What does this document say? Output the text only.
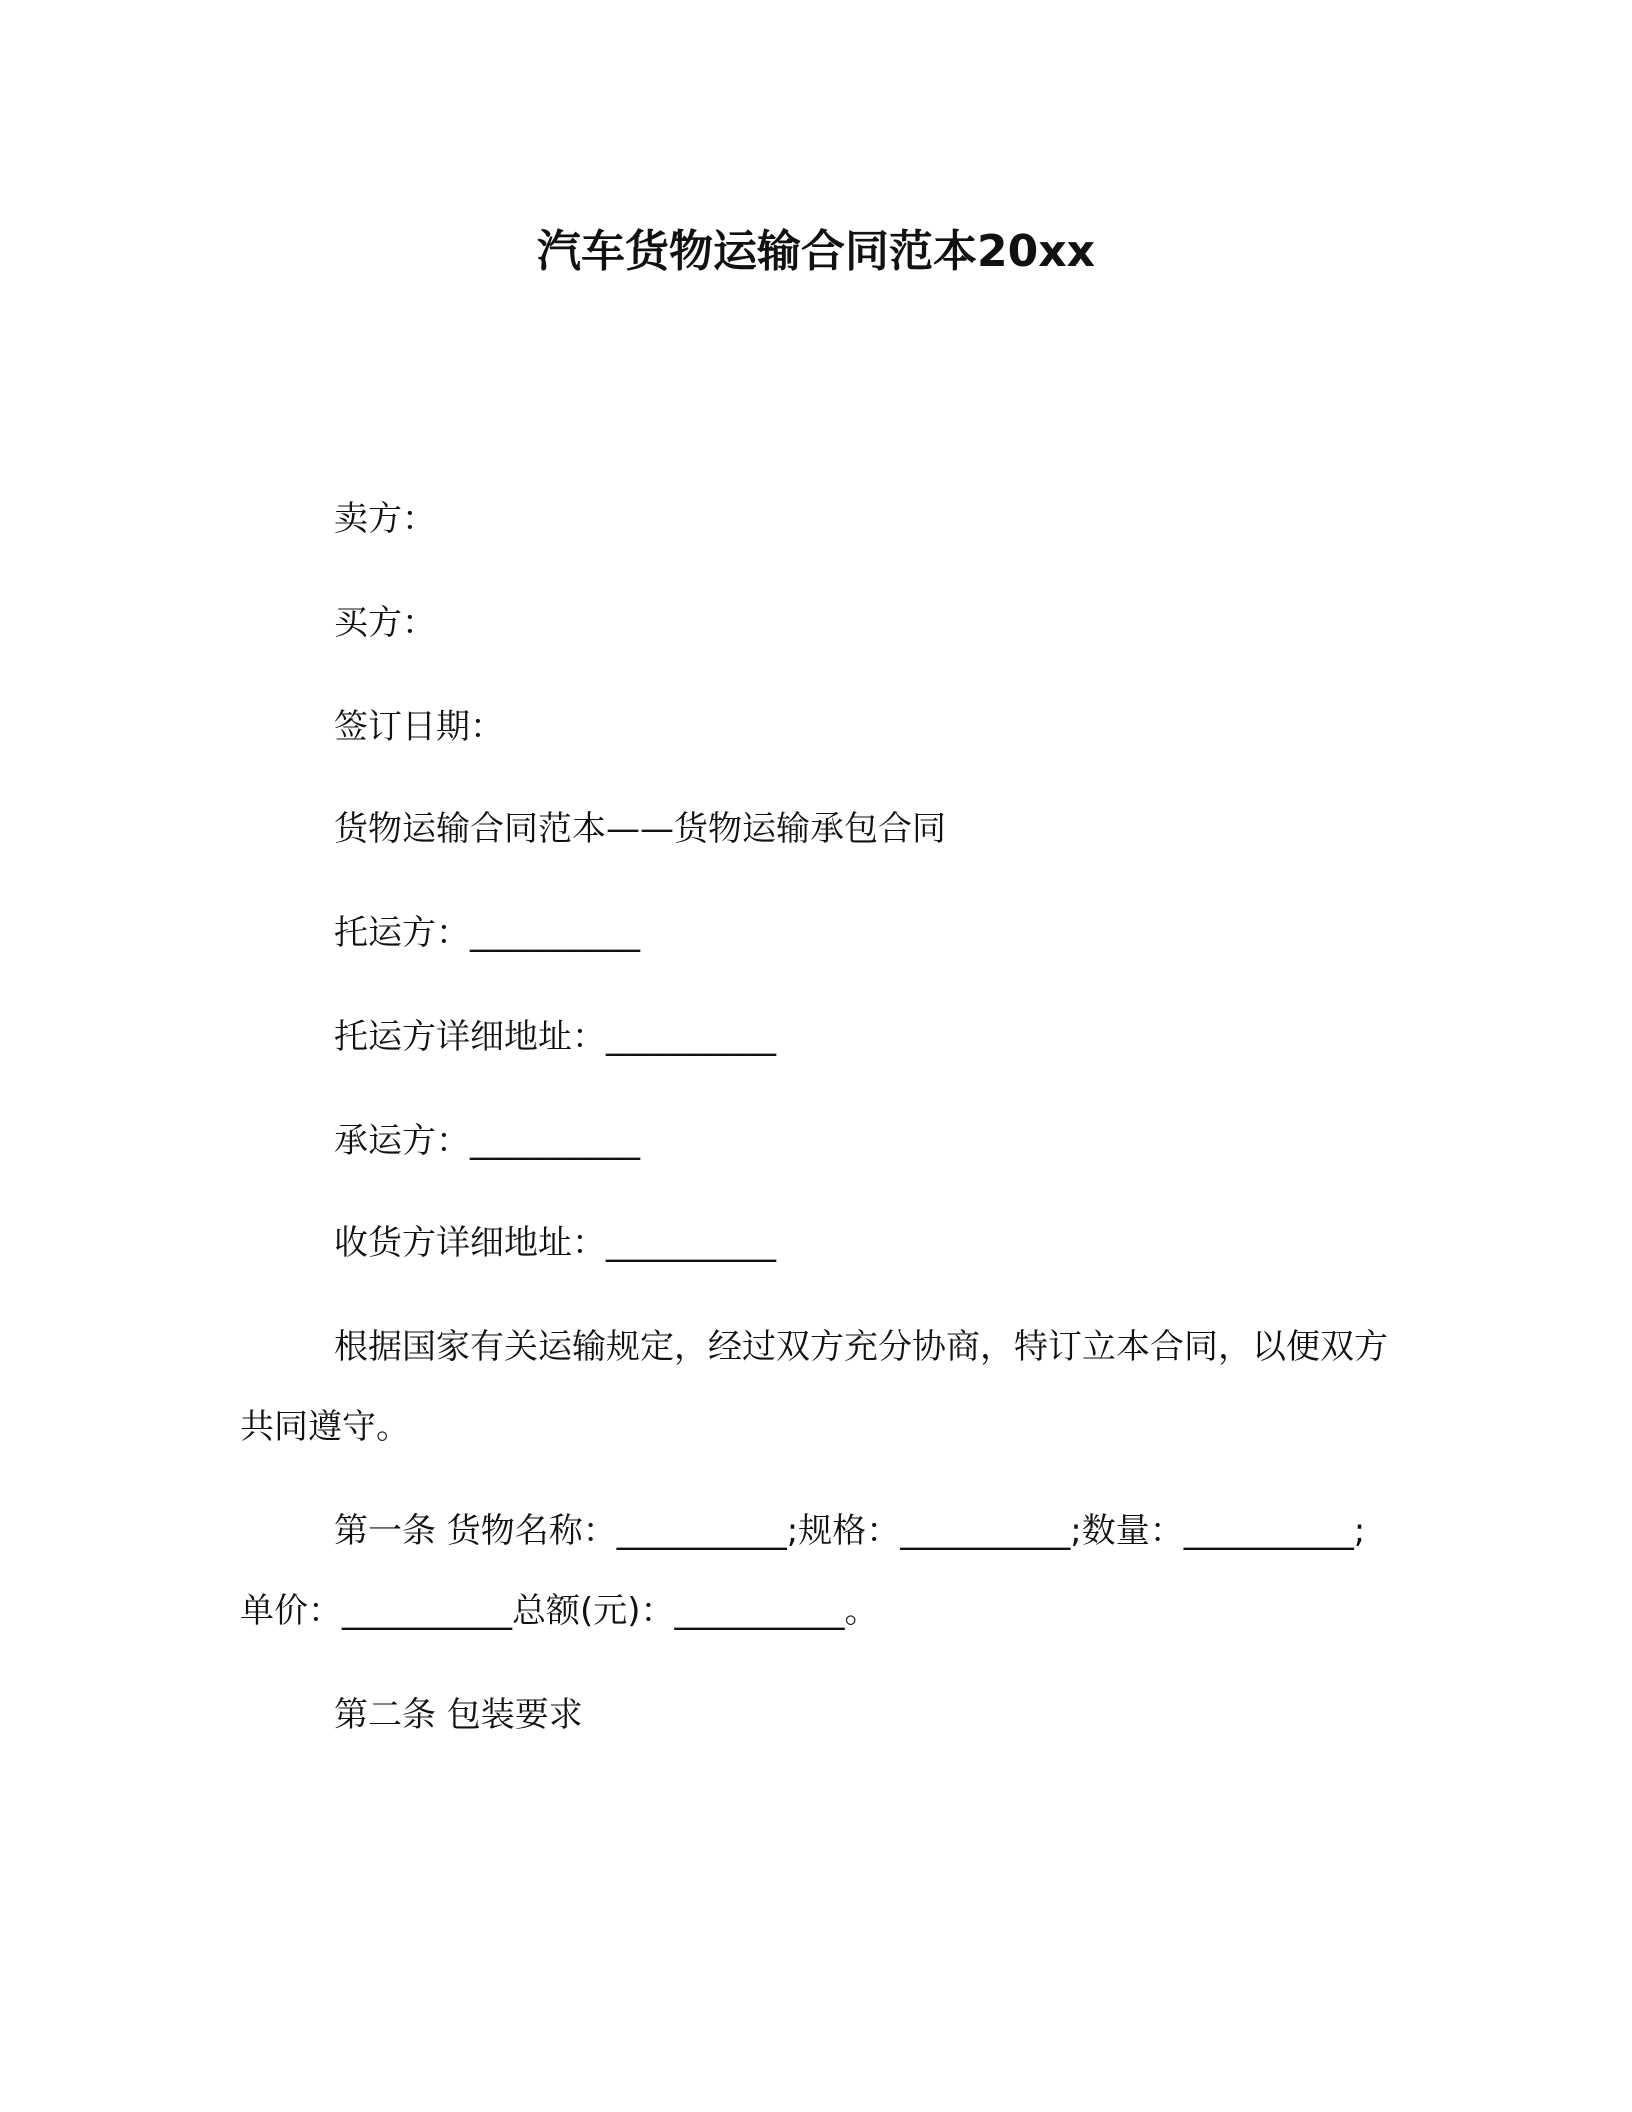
汽车货物运输合同范本20xx
卖方：
买方：
签订日期：
货物运输合同范本——货物运输承包合同
托运方：__________
托运方详细地址：__________
承运方：__________
收货方详细地址：__________
根据国家有关运输规定，经过双方充分协商，特订立本合同，以便双方共同遵守。
第一条 货物名称：__________;规格：__________;数量：__________;单价：__________总额(元)：__________。
第二条 包装要求
